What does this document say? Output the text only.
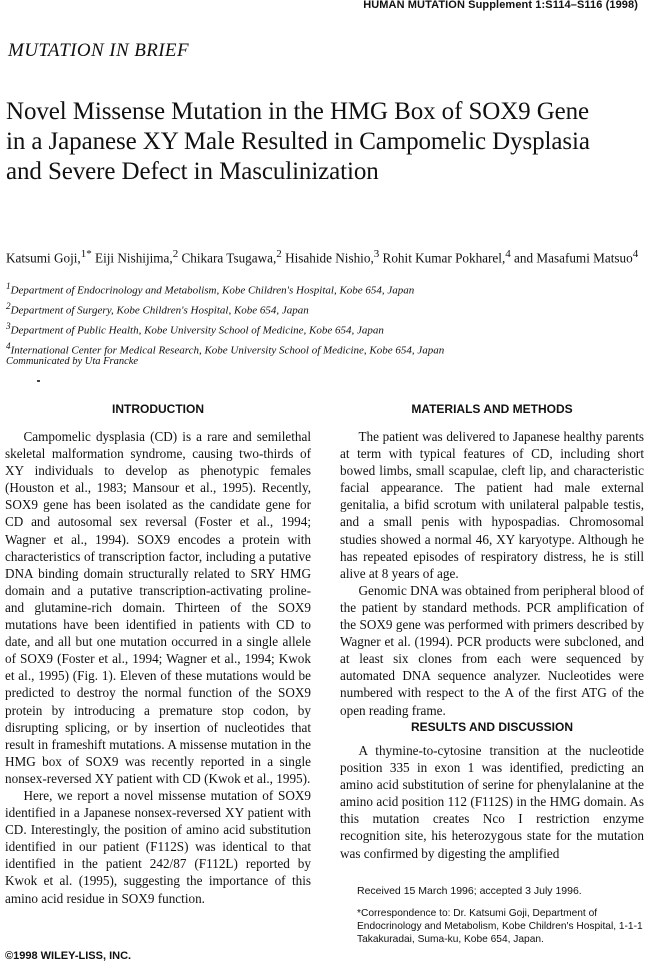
HUMAN MUTATION Supplement 1:S114–S116 (1998)
MUTATION IN BRIEF
Novel Missense Mutation in the HMG Box of SOX9 Gene in a Japanese XY Male Resulted in Campomelic Dysplasia and Severe Defect in Masculinization
Katsumi Goji,$^{1*}$ Eiji Nishijima,$^2$ Chikara Tsugawa,$^2$ Hisahide Nishio,$^3$ Rohit Kumar Pokharel,$^4$ and Masafumi Matsuo$^4$
$^1$Department of Endocrinology and Metabolism, Kobe Children's Hospital, Kobe 654, Japan
$^2$Department of Surgery, Kobe Children's Hospital, Kobe 654, Japan
$^3$Department of Public Health, Kobe University School of Medicine, Kobe 654, Japan
$^4$International Center for Medical Research, Kobe University School of Medicine, Kobe 654, Japan
Communicated by Uta Francke
INTRODUCTION

Campomelic dysplasia (CD) is a rare and semilethal skeletal malformation syndrome, causing two-thirds of XY individuals to develop as phenotypic females (Houston et al., 1983; Mansour et al., 1995). Recently, SOX9 gene has been isolated as the candidate gene for CD and autosomal sex reversal (Foster et al., 1994; Wagner et al., 1994). SOX9 encodes a protein with characteristics of transcription factor, including a putative DNA binding domain structurally related to SRY HMG domain and a putative transcription-activating proline- and glutamine-rich domain. Thirteen of the SOX9 mutations have been identified in patients with CD to date, and all but one mutation occurred in a single allele of SOX9 (Foster et al., 1994; Wagner et al., 1994; Kwok et al., 1995) (Fig. 1). Eleven of these mutations would be predicted to destroy the normal function of the SOX9 protein by introducing a premature stop codon, by disrupting splicing, or by insertion of nucleotides that result in frameshift mutations. A missense mutation in the HMG box of SOX9 was recently reported in a single nonsex-reversed XY patient with CD (Kwok et al., 1995).

Here, we report a novel missense mutation of SOX9 identified in a Japanese nonsex-reversed XY patient with CD. Interestingly, the position of amino acid substitution identified in our patient (F112S) was identical to that identified in the patient 242/87 (F112L) reported by Kwok et al. (1995), suggesting the importance of this amino acid residue in SOX9 function.

MATERIALS AND METHODS

The patient was delivered to Japanese healthy parents at term with typical features of CD, including short bowed limbs, small scapulae, cleft lip, and characteristic facial appearance. The patient had male external genitalia, a bifid scrotum with unilateral palpable testis, and a small penis with hypospadias. Chromosomal studies showed a normal 46, XY karyotype. Although he has repeated episodes of respiratory distress, he is still alive at 8 years of age.

Genomic DNA was obtained from peripheral blood of the patient by standard methods. PCR amplification of the SOX9 gene was performed with primers described by Wagner et al. (1994). PCR products were subcloned, and at least six clones from each were sequenced by automated DNA sequence analyzer. Nucleotides were numbered with respect to the A of the first ATG of the open reading frame.

RESULTS AND DISCUSSION

A thymine-to-cytosine transition at the nucleotide position 335 in exon 1 was identified, predicting an amino acid substitution of serine for phenylalanine at the amino acid position 112 (F112S) in the HMG domain. As this mutation creates Nco I restriction enzyme recognition site, his heterozygous state for the mutation was confirmed by digesting the amplified

Received 15 March 1996; accepted 3 July 1996.
*Correspondence to: Dr. Katsumi Goji, Department of Endocrinology and Metabolism, Kobe Children's Hospital, 1-1-1 Takakuradai, Suma-ku, Kobe 654, Japan.
©1998 WILEY-LISS, INC.
